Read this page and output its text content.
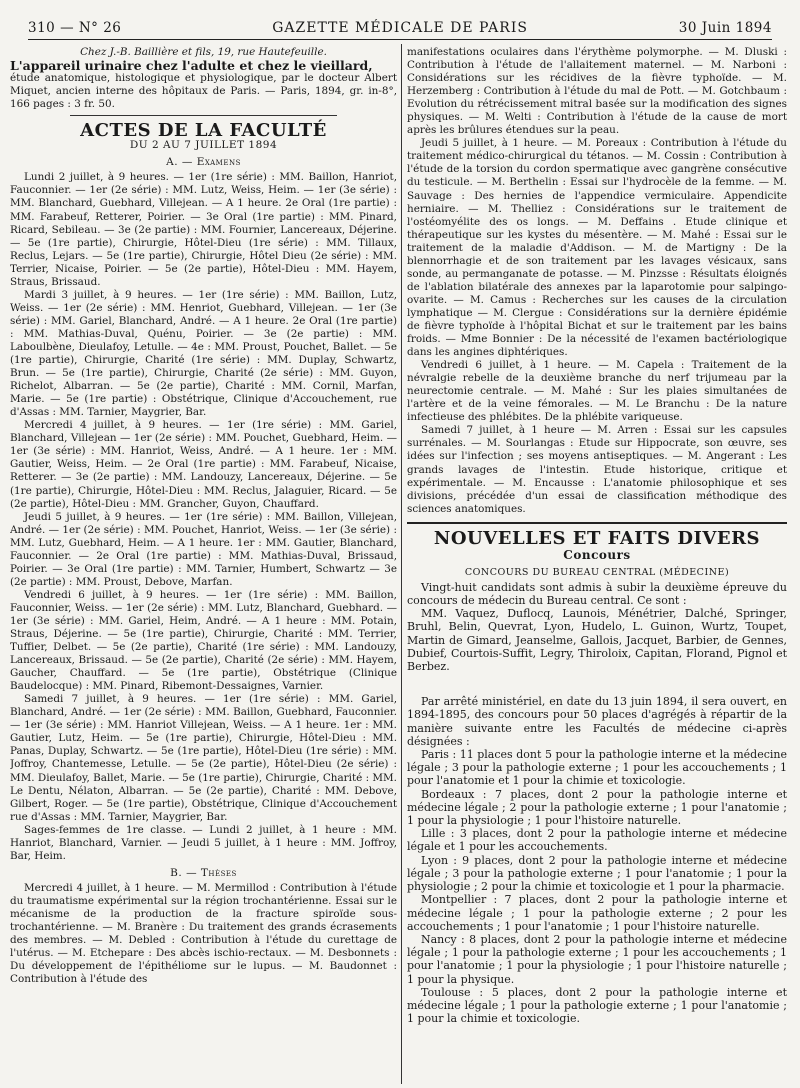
310 — N° 26	GAZETTE MÉDICALE DE PARIS	30 Juin 1894

Chez J.-B. Baillière et fils, 19, rue Hautefeuille.

L'appareil urinaire chez l'adulte et chez le vieillard,

étude anatomique, histologique et physiologique, par le docteur Albert Miquet, ancien interne des hôpitaux de Paris. — Paris, 1894, gr. in-8°, 166 pages : 3 fr. 50.

ACTES DE LA FACULTÉ

DU 2 AU 7 JUILLET 1894

A. — Examens

Lundi 2 juillet, à 9 heures. — 1er (1re série) : MM. Baillon, Hanriot, Fauconnier. — 1er (2e série) : MM. Lutz, Weiss, Heim. — 1er (3e série) : MM. Blanchard, Guebhard, Villejean. — A 1 heure. 2e Oral (1re partie) : MM. Farabeuf, Retterer, Poirier. — 3e Oral (1re partie) : MM. Pinard, Ricard, Sebileau. — 3e (2e partie) : MM. Fournier, Lancereaux, Déjerine. — 5e (1re partie), Chirurgie, Hôtel-Dieu (1re série) : MM. Tillaux, Reclus, Lejars. — 5e (1re partie), Chirurgie, Hôtel Dieu (2e série) : MM. Terrier, Nicaise, Poirier. — 5e (2e partie), Hôtel-Dieu : MM. Hayem, Straus, Brissaud.

Mardi 3 juillet, à 9 heures. — 1er (1re série) : MM. Baillon, Lutz, Weiss. — 1er (2e série) : MM. Henriot, Guebhard, Villejean. — 1er (3e série) : MM. Gariel, Blanchard, André. — A 1 heure. 2e Oral (1re partie) : MM. Mathias-Duval, Quénu, Poirier. — 3e (2e partie) : MM. Laboulbène, Dieulafoy, Letulle. — 4e : MM. Proust, Pouchet, Ballet. — 5e (1re partie), Chirurgie, Charité (1re série) : MM. Duplay, Schwartz, Brun. — 5e (1re partie), Chirurgie, Charité (2e série) : MM. Guyon, Richelot, Albarran. — 5e (2e partie), Charité : MM. Cornil, Marfan, Marie. — 5e (1re partie) : Obstétrique, Clinique d'Accouchement, rue d'Assas : MM. Tarnier, Maygrier, Bar.

Mercredi 4 juillet, à 9 heures. — 1er (1re série) : MM. Gariel, Blanchard, Villejean — 1er (2e série) : MM. Pouchet, Guebhard, Heim. — 1er (3e série) : MM. Hanriot, Weiss, André. — A 1 heure. 1er : MM. Gautier, Weiss, Heim. — 2e Oral (1re partie) : MM. Farabeuf, Nicaise, Retterer. — 3e (2e partie) : MM. Landouzy, Lancereaux, Déjerine. — 5e (1re partie), Chirurgie, Hôtel-Dieu : MM. Reclus, Jalaguier, Ricard. — 5e (2e partie), Hôtel-Dieu : MM. Grancher, Guyon, Chauffard.

Jeudi 5 juillet, à 9 heures. — 1er (1re série) : MM. Baillon, Villejean, André. — 1er (2e série) : MM. Pouchet, Hanriot, Weiss. — 1er (3e série) : MM. Lutz, Guebhard, Heim. — A 1 heure. 1er : MM. Gautier, Blanchard, Fauconnier. — 2e Oral (1re partie) : MM. Mathias-Duval, Brissaud, Poirier. — 3e Oral (1re partie) : MM. Tarnier, Humbert, Schwartz — 3e (2e partie) : MM. Proust, Debove, Marfan.

Vendredi 6 juillet, à 9 heures. — 1er (1re série) : MM. Baillon, Fauconnier, Weiss. — 1er (2e série) : MM. Lutz, Blanchard, Guebhard. — 1er (3e série) : MM. Gariel, Heim, André. — A 1 heure : MM. Potain, Straus, Déjerine. — 5e (1re partie), Chirurgie, Charité : MM. Terrier, Tuffier, Delbet. — 5e (2e partie), Charité (1re série) : MM. Landouzy, Lancereaux, Brissaud. — 5e (2e partie), Charité (2e série) : MM. Hayem, Gaucher, Chauffard. — 5e (1re partie), Obstétrique (Clinique Baudelocque) : MM. Pinard, Ribemont-Dessaignes, Varnier.

Samedi 7 juillet, à 9 heures. — 1er (1re série) : MM. Gariel, Blanchard, André. — 1er (2e série) : MM. Baillon, Guebhard, Fauconnier. — 1er (3e série) : MM. Hanriot Villejean, Weiss. — A 1 heure. 1er : MM. Gautier, Lutz, Heim. — 5e (1re partie), Chirurgie, Hôtel-Dieu : MM. Panas, Duplay, Schwartz. — 5e (1re partie), Hôtel-Dieu (1re série) : MM. Joffroy, Chantemesse, Letulle. — 5e (2e partie), Hôtel-Dieu (2e série) : MM. Dieulafoy, Ballet, Marie. — 5e (1re partie), Chirurgie, Charité : MM. Le Dentu, Nélaton, Albarran. — 5e (2e partie), Charité : MM. Debove, Gilbert, Roger. — 5e (1re partie), Obstétrique, Clinique d'Accouchement rue d'Assas : MM. Tarnier, Maygrier, Bar.

Sages-femmes de 1re classe. — Lundi 2 juillet, à 1 heure : MM. Hanriot, Blanchard, Varnier. — Jeudi 5 juillet, à 1 heure : MM. Joffroy, Bar, Heim.

B. — Thèses

Mercredi 4 juillet, à 1 heure. — M. Mermillod : Contribution à l'étude du traumatisme expérimental sur la région trochantérienne. Essai sur le mécanisme de la production de la fracture spiroïde sous-trochantérienne. — M. Branère : Du traitement des grands écrasements des membres. — M. Debled : Contribution à l'étude du curettage de l'utérus. — M. Etchepare : Des abcès ischio-rectaux. — M. Desbonnets : Du développement de l'épithéliome sur le lupus. — M. Baudonnet : Contribution à l'étude des

manifestations oculaires dans l'érythème polymorphe. — M. Dluski : Contribution à l'étude de l'allaitement maternel. — M. Narboni : Considérations sur les récidives de la fièvre typhoïde. — M. Herzemberg : Contribution à l'étude du mal de Pott. — M. Gotchbaum : Evolution du rétrécissement mitral basée sur la modification des signes physiques. — M. Welti : Contribution à l'étude de la cause de mort après les brûlures étendues sur la peau.

Jeudi 5 juillet, à 1 heure. — M. Poreaux : Contribution à l'étude du traitement médico-chirurgical du tétanos. — M. Cossin : Contribution à l'étude de la torsion du cordon spermatique avec gangrène consécutive du testicule. — M. Berthelin : Essai sur l'hydrocèle de la femme. — M. Sauvage : Des hernies de l'appendice vermiculaire. Appendicite herniaire. — M. Thelliez : Considérations sur le traitement de l'ostéomyélite des os longs. — M. Deffains . Etude clinique et thérapeutique sur les kystes du mésentère. — M. Mahé : Essai sur le traitement de la maladie d'Addison. — M. de Martigny : De la blennorrhagie et de son traitement par les lavages vésicaux, sans sonde, au permanganate de potasse. — M. Pinzsse : Résultats éloignés de l'ablation bilatérale des annexes par la laparotomie pour salpingo-ovarite. — M. Camus : Recherches sur les causes de la circulation lymphatique — M. Clergue : Considérations sur la dernière épidémie de fièvre typhoïde à l'hôpital Bichat et sur le traitement par les bains froids. — Mme Bonnier : De la nécessité de l'examen bactériologique dans les angines diphtériques.

Vendredi 6 juillet, à 1 heure. — M. Capela : Traitement de la névralgie rebelle de la deuxième branche du nerf trijumeau par la neurectomie centrale. — M. Mahé : Sur les plaies simultanées de l'artère et de la veine fémorales. — M. Le Branchu : De la nature infectieuse des phlébites. De la phlébite variqueuse.

Samedi 7 juillet, à 1 heure — M. Arren : Essai sur les capsules surrénales. — M. Sourlangas : Etude sur Hippocrate, son œuvre, ses idées sur l'infection ; ses moyens antiseptiques. — M. Angerant : Les grands lavages de l'intestin. Etude historique, critique et expérimentale. — M. Encausse : L'anatomie philosophique et ses divisions, précédée d'un essai de classification méthodique des sciences anatomiques.

NOUVELLES ET FAITS DIVERS

Concours

CONCOURS DU BUREAU CENTRAL (MÉDECINE)

Vingt-huit candidats sont admis à subir la deuxième épreuve du concours de médecin du Bureau central. Ce sont :

MM. Vaquez, Duflocq, Launois, Ménétrier, Dalché, Springer, Bruhl, Belin, Quevrat, Lyon, Hudelo, L. Guinon, Wurtz, Toupet, Martin de Gimard, Jeanselme, Gallois, Jacquet, Barbier, de Gennes, Dubief, Courtois-Suffit, Legry, Thiroloix, Capitan, Florand, Pignol et Berbez.

Par arrêté ministériel, en date du 13 juin 1894, il sera ouvert, en 1894-1895, des concours pour 50 places d'agrégés à répartir de la manière suivante entre les Facultés de médecine ci-après désignées :

Paris : 11 places dont 5 pour la pathologie interne et la médecine légale ; 3 pour la pathologie externe ; 1 pour les accouchements ; 1 pour l'anatomie et 1 pour la chimie et toxicologie.

Bordeaux : 7 places, dont 2 pour la pathologie interne et médecine légale ; 2 pour la pathologie externe ; 1 pour l'anatomie ; 1 pour la physiologie ; 1 pour l'histoire naturelle.

Lille : 3 places, dont 2 pour la pathologie interne et médecine légale et 1 pour les accouchements.

Lyon : 9 places, dont 2 pour la pathologie interne et médecine légale ; 3 pour la pathologie externe ; 1 pour l'anatomie ; 1 pour la physiologie ; 2 pour la chimie et toxicologie et 1 pour la pharmacie.

Montpellier : 7 places, dont 2 pour la pathologie interne et médecine légale ; 1 pour la pathologie externe ; 2 pour les accouchements ; 1 pour l'anatomie ; 1 pour l'histoire naturelle.

Nancy : 8 places, dont 2 pour la pathologie interne et médecine légale ; 1 pour la pathologie externe ; 1 pour les accouchements ; 1 pour l'anatomie ; 1 pour la physiologie ; 1 pour l'histoire naturelle ; 1 pour la physique.

Toulouse : 5 places, dont 2 pour la pathologie interne et médecine légale ; 1 pour la pathologie externe ; 1 pour l'anatomie ; 1 pour la chimie et toxicologie.
